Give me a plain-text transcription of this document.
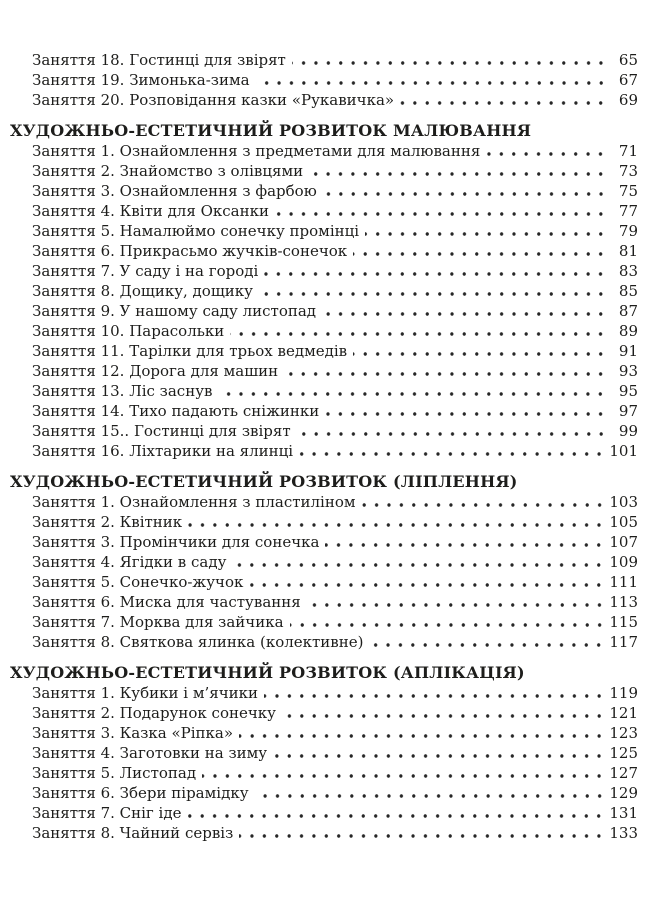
Заняття 18. Гостинці для звірят	65
Заняття 19. Зимонька-зима	67
Заняття 20. Розповідання казки «Рукавичка»	69
ХУДОЖНЬО-ЕСТЕТИЧНИЙ РОЗВИТОК МАЛЮВАННЯ
Заняття 1. Ознайомлення з предметами для малювання	71
Заняття 2. Знайомство з олівцями	73
Заняття 3. Ознайомлення з фарбою	75
Заняття 4. Квіти для Оксанки	77
Заняття 5. Намалюймо сонечку промінці	79
Заняття 6. Прикрасьмо жучків-сонечок	81
Заняття 7. У саду і на городі	83
Заняття 8. Дощику, дощику	85
Заняття 9. У нашому саду листопад	87
Заняття 10. Парасольки	89
Заняття 11. Тарілки для трьох ведмедів	91
Заняття 12. Дорога для машин	93
Заняття 13. Ліс заснув	95
Заняття 14. Тихо падають сніжинки	97
Заняття 15.. Гостинці для звірят	99
Заняття 16. Ліхтарики на ялинці	101
ХУДОЖНЬО-ЕСТЕТИЧНИЙ РОЗВИТОК (ЛІПЛЕННЯ)
Заняття 1. Ознайомлення з пластиліном	103
Заняття 2. Квітник	105
Заняття 3. Промінчики для сонечка	107
Заняття 4. Ягідки в саду	109
Заняття 5. Сонечко-жучок	111
Заняття 6. Миска для частування	113
Заняття 7. Морква для зайчика	115
Заняття 8. Святкова ялинка (колективне)	117
ХУДОЖНЬО-ЕСТЕТИЧНИЙ РОЗВИТОК (АПЛІКАЦІЯ)
Заняття 1. Кубики і м’ячики	119
Заняття 2. Подарунок сонечку	121
Заняття 3. Казка «Ріпка»	123
Заняття 4. Заготовки на зиму	125
Заняття 5. Листопад	127
Заняття 6. Збери пірамідку	129
Заняття 7. Сніг іде	131
Заняття 8. Чайний сервіз	133
